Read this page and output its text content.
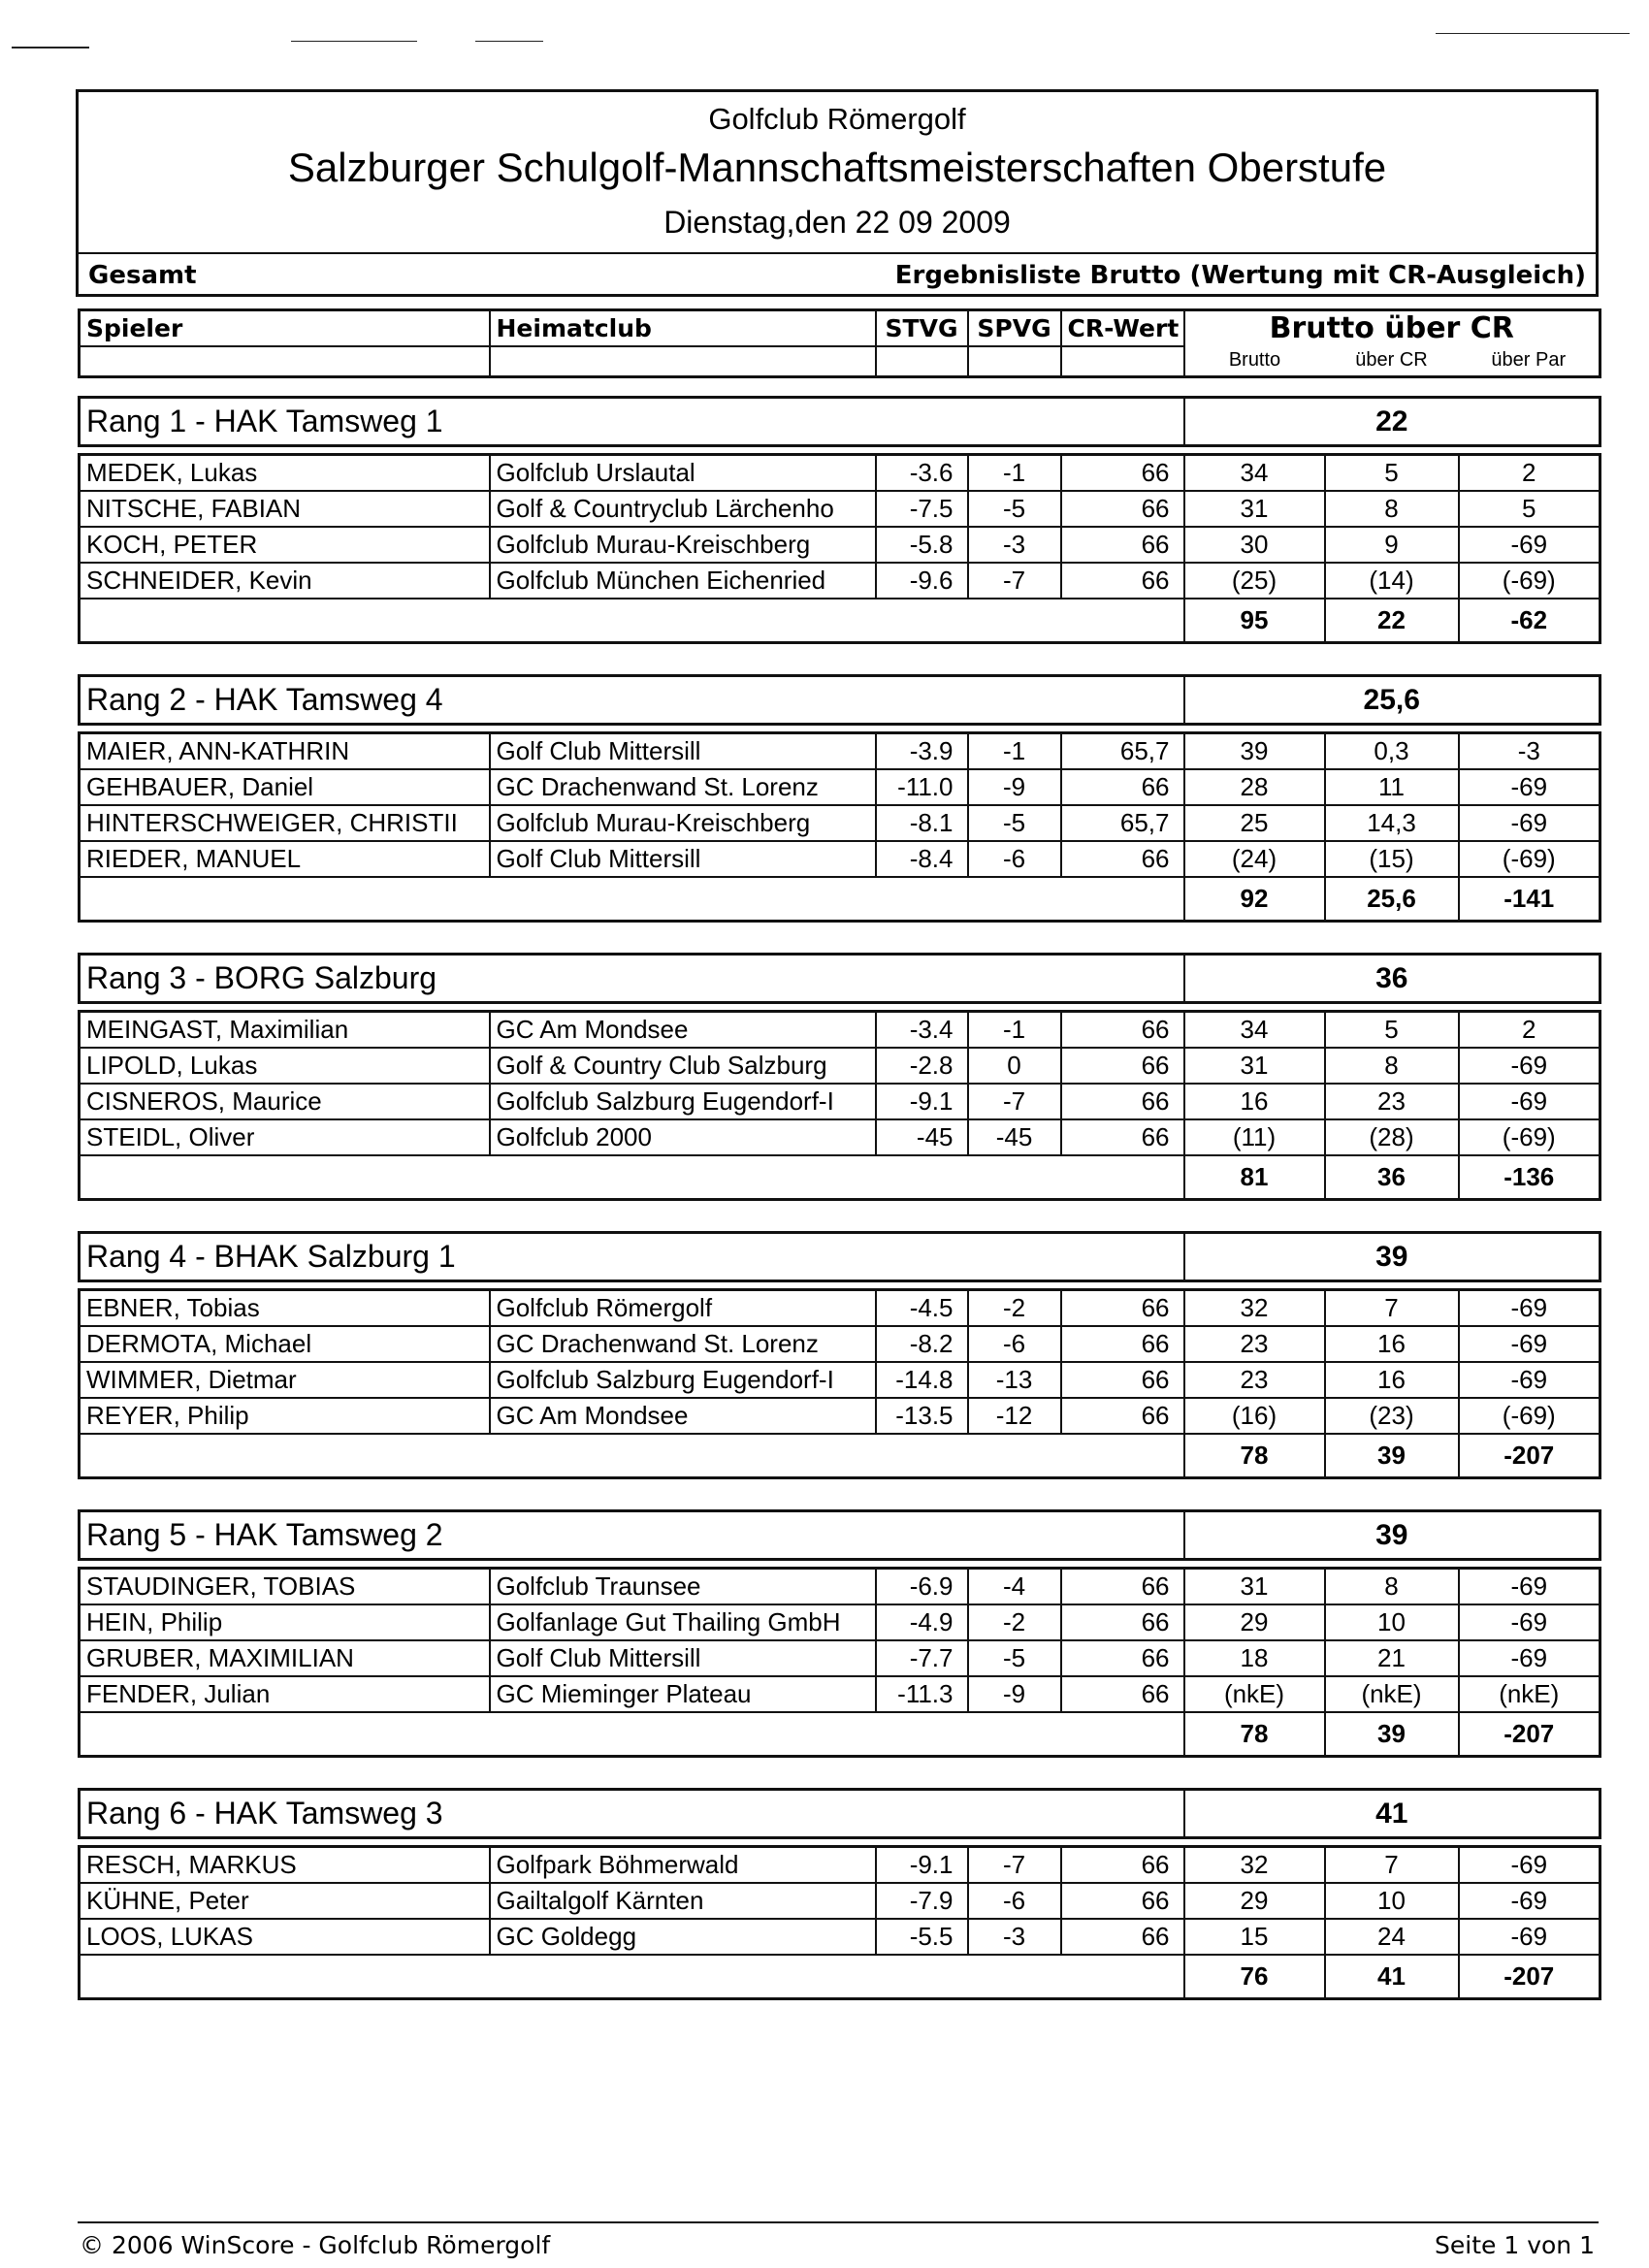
Golfclub Römergolf
Salzburger Schulgolf-Mannschaftsmeisterschaften Oberstufe
Dienstag,den 22 09 2009
Gesamt	Ergebnisliste Brutto (Wertung mit CR-Ausgleich)
Spieler	Heimatclub	STVG	SPVG	CR-Wert	Brutto über CR		
					Brutto	über CR	über Par
Rang 1 - HAK Tamsweg 1	22
MEDEK, Lukas	Golfclub Urslautal	-3.6	-1	66	34	5	2
NITSCHE, FABIAN	Golf & Countryclub Lärchenho	-7.5	-5	66	31	8	5
KOCH, PETER	Golfclub Murau-Kreischberg	-5.8	-3	66	30	9	-69
SCHNEIDER, Kevin	Golfclub München Eichenried	-9.6	-7	66	(25)	(14)	(-69)
					95	22	-62
Rang 2 - HAK Tamsweg 4	25,6
MAIER, ANN-KATHRIN	Golf Club Mittersill	-3.9	-1	65,7	39	0,3	-3
GEHBAUER, Daniel	GC Drachenwand St. Lorenz	-11.0	-9	66	28	11	-69
HINTERSCHWEIGER, CHRISTII	Golfclub Murau-Kreischberg	-8.1	-5	65,7	25	14,3	-69
RIEDER, MANUEL	Golf Club Mittersill	-8.4	-6	66	(24)	(15)	(-69)
					92	25,6	-141
Rang 3 - BORG Salzburg	36
MEINGAST, Maximilian	GC Am Mondsee	-3.4	-1	66	34	5	2
LIPOLD, Lukas	Golf & Country Club Salzburg	-2.8	0	66	31	8	-69
CISNEROS, Maurice	Golfclub Salzburg Eugendorf-I	-9.1	-7	66	16	23	-69
STEIDL, Oliver	Golfclub 2000	-45	-45	66	(11)	(28)	(-69)
					81	36	-136
Rang 4 - BHAK Salzburg 1	39
EBNER, Tobias	Golfclub Römergolf	-4.5	-2	66	32	7	-69
DERMOTA, Michael	GC Drachenwand St. Lorenz	-8.2	-6	66	23	16	-69
WIMMER, Dietmar	Golfclub Salzburg Eugendorf-I	-14.8	-13	66	23	16	-69
REYER, Philip	GC Am Mondsee	-13.5	-12	66	(16)	(23)	(-69)
					78	39	-207
Rang 5 - HAK Tamsweg 2	39
STAUDINGER, TOBIAS	Golfclub Traunsee	-6.9	-4	66	31	8	-69
HEIN, Philip	Golfanlage Gut Thailing GmbH	-4.9	-2	66	29	10	-69
GRUBER, MAXIMILIAN	Golf Club Mittersill	-7.7	-5	66	18	21	-69
FENDER, Julian	GC Mieminger Plateau	-11.3	-9	66	(nkE)	(nkE)	(nkE)
					78	39	-207
Rang 6 - HAK Tamsweg 3	41
RESCH, MARKUS	Golfpark Böhmerwald	-9.1	-7	66	32	7	-69
KÜHNE, Peter	Gailtalgolf Kärnten	-7.9	-6	66	29	10	-69
LOOS, LUKAS	GC Goldegg	-5.5	-3	66	15	24	-69
					76	41	-207
© 2006 WinScore - Golfclub Römergolf	Seite 1 von 1
